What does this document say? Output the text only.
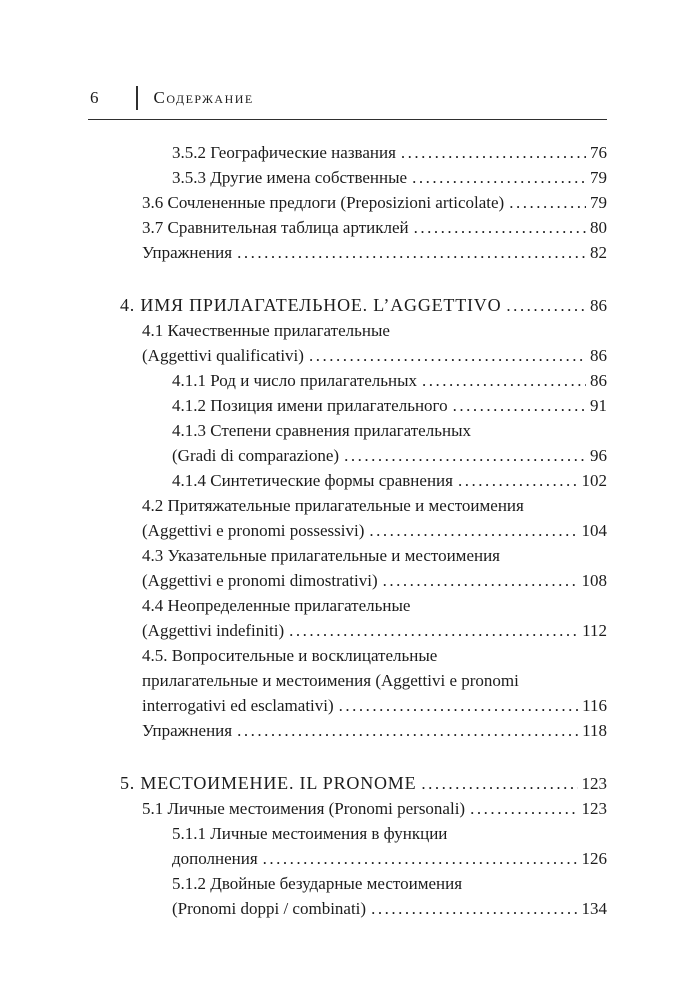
6	Содержание
3.5.2 Географические названия .....	76
3.5.3 Другие имена собственные .....	79
3.6 Сочлененные предлоги (Preposizioni articolate) .....	79
3.7 Сравнительная таблица артиклей .....	80
Упражнения .....	82
4. ИМЯ ПРИЛАГАТЕЛЬНОЕ. L’AGGETTIVO .....	86
4.1 Качественные прилагательные
(Aggettivi qualificativi) .....	86
4.1.1 Род и число прилагательных .....	86
4.1.2 Позиция имени прилагательного .....	91
4.1.3 Степени сравнения прилагательных
(Gradi di comparazione) .....	96
4.1.4 Синтетические формы сравнения .....	102
4.2 Притяжательные прилагательные и местоимения
(Aggettivi e pronomi possessivi) .....	104
4.3 Указательные прилагательные и местоимения
(Aggettivi e pronomi dimostrativi) .....	108
4.4 Неопределенные прилагательные
(Aggettivi indefiniti) .....	112
4.5. Вопросительные и восклицательные
прилагательные и местоимения (Aggettivi e pronomi
interrogativi ed esclamativi) .....	116
Упражнения .....	118
5. МЕСТОИМЕНИЕ. IL PRONOME .....	123
5.1 Личные местоимения (Pronomi personali) .....	123
5.1.1 Личные местоимения в функции
дополнения .....	126
5.1.2 Двойные безударные местоимения
(Pronomi doppi / combinati) .....	134
